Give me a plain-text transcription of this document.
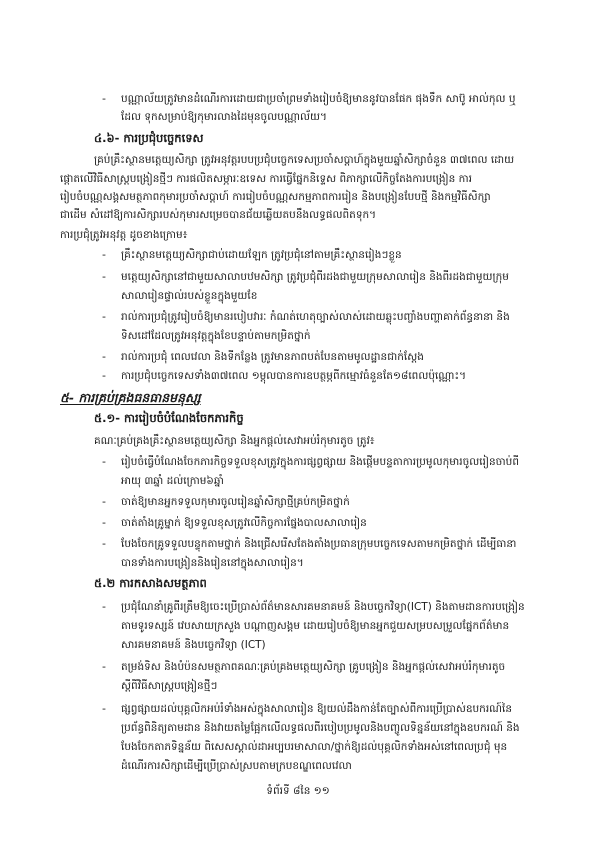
- បណ្ណាល័យត្រូវមានដំណើរការដោយជាប្រចាំព្រមទាំងរៀបចំឱ្យមាននូវបានផែក ផុងទឹក សាប៊ូ អាល់កុល ឬ
ដែល ទុកសម្រាប់ឱ្យកុមារលាងដៃមុនចូលបណ្ណាល័យ។
៤.៦- ការប្រជុំបច្ចេកទេស
គ្រប់គ្រឹះស្ថានមត្តេយ្យសិក្សា ត្រូវអនុវត្តរបបប្រជុំបច្ចេកទេសប្រចាំសប្ដាហ៍ក្នុងមួយឆ្នាំសិក្សាចំនួន ៣៧ពេល ដោយ
ផ្ដោតលើវិធីសាស្ត្របង្រៀនថ្មីៗ ការផលិតសម្ភារៈឧទេស ការធ្វើផ្នែកនិទ្ទេស ពិភាក្សាលើកិច្ចតែងការបង្រៀន ការ
រៀបចំបណ្ណសង្គសមត្ថភាពកុមារប្រចាំសប្ដាហ៍ ការរៀបចំបណ្ណសកម្មភាពការរៀន និងបង្រៀនបែបថ្មី និងកម្មវិធីសិក្សា
ជាដើម សំដៅឱ្យការសិក្សារបស់កុមារសម្រេចបានជ័យឆ្លើយតបនឹងលទ្ធផលពិតទុក។
ការប្រជុំត្រូវអនុវត្ត ដូចខាងក្រោម៖
- គ្រឹះស្ថានមត្តេយ្យសិក្សាជាប់ដោយឡែក ត្រូវប្រជុំនៅតាមគ្រឹះស្ថានរៀងៗខ្លួន
- មត្តេយ្យសិក្សានៅជាមួយសាលាបឋមសិក្សា ត្រូវប្រជុំពីរដងជាមួយក្រុមសាលារៀន និងពីរដងជាមួយក្រុម
សាលារៀនផ្ទាល់របស់ខ្លួនក្នុងមួយខែ
- រាល់ការប្រជុំត្រូវរៀបចំឱ្យមានរបៀបវារៈ កំណត់ហេតុច្បាស់លាស់ដោយឆ្លុះបញ្ចាំងបញ្ហាគាក់ព័ន្ធនានា និង
ទិសដៅដែលត្រូវអនុវត្តក្នុងខែបន្ទាប់តាមកម្រិតថ្នាក់
- រាល់ការប្រជុំ ពេលវេលា និងទីកន្លែង ត្រូវមានភាពបត់បែនតាមមូលដ្ឋានជាក់ស្ដែង
- ការប្រជុំបច្ចេកទេសទាំង៣៧ពេល ១ម្ដុលបានការឧបត្ថម្ភពីកម្មោវធំនួនតែ១៨ពេលប៉ុណ្ណោះ។
៥- ការគ្រប់គ្រងធនធានមនុស្ស
៥.១- ការរៀបចំបំណែងចែកភារកិច្ច
គណៈគ្រប់គ្រងគ្រឹះស្ថានមត្តេយ្យសិក្សា និងអ្នកផ្ដល់សេវាអប់រំកុមារតូច ត្រូវ៖
- រៀបចំធ្វើបំណែងចែកភារកិច្ចទទួលខុសត្រូវក្នុងការផ្សព្វផ្សាយ និងផ្ដើមបន្ទតាការប្រមូលកុមារចូលរៀនចាប់ពី
អាយុ ៣ឆ្នាំ ដល់ក្រោម៦ឆ្នាំ
- ចាត់ឱ្យមានអ្នកទទួលកុមារចូលរៀនឆ្នាំសិក្សាថ្មីគ្រប់កម្រិតថ្នាក់
- ចាត់តាំងគ្រូម្នាក់ ឱ្យទទួលខុសត្រូវលើកិច្ចការផ្នែងបាលសាលារៀន
- បែងចែកគ្រូទទួលបន្ទុកតាមថ្នាក់ និងជ្រើសរើសតែងតាំងប្រធានក្រុមបច្ចេកទេសតាមកម្រិតថ្នាក់ ដើម្បីធានា
បានទាំងការបង្រៀននិងរៀននៅក្នុងសាលារៀន។
៥.២ ការកសាងសមត្ថភាព
- ប្រជុំណែនាំគ្រូពីរត្រឹមឱ្យចេះប្រើប្រាស់ព័ត៌មានសារគមនាគមន៍ និងបច្ចេកវិទ្យា(ICT) និងតាមដានការបង្រៀន
តាមទូរទស្សន៍ វេបសាយក្រសួង បណ្ដាញសង្គម ដោយរៀបចំឱ្យមានអ្នកជួយសម្របសម្រួលផ្នែកព័ត៌មាន
សារគមនាគមន៍ និងបច្ចេកវិទ្យា (ICT)
- តម្រង់ទិស និងបំប៉នសមត្ថភាពគណៈគ្រប់គ្រងមត្តេយ្យសិក្សា គ្រូបង្រៀន និងអ្នកផ្ដល់សេវាអប់រំកុមារតូច
ស្ដីពីវិធីសាស្ត្របង្រៀនថ្មីៗ
- ផ្សព្វផ្សាយដល់បុគ្គលិកអប់រំទាំងអស់ក្នុងសាលារៀន ឱ្យយល់ដឹងកាន់តែច្បាស់ពីការប្រើប្រាស់ឧបករណ៍នៃ
ប្រព័ន្ធពិនិត្យតាមដាន និងវាយតម្លៃផ្អែកលើលទ្ធផលពីរបៀបប្រមូលនិងបញ្ចូលទិន្នន័យនៅក្នុងឧបករណ៍ និង
បែងចែកតាភទិន្នន័យ ពិសេសស្គាល់ដាអប្បបរមាសាលា/ថ្នាក់ឱ្យដល់បុគ្គលិកទាំងអស់នៅពេលប្រជុំ មុន
ដំណើរការសិក្សាដើម្បីប្រើប្រាស់ស្របតាមក្របខណ្ឌពេលវេលា
ទំព័រទី ៨នៃ ១១
